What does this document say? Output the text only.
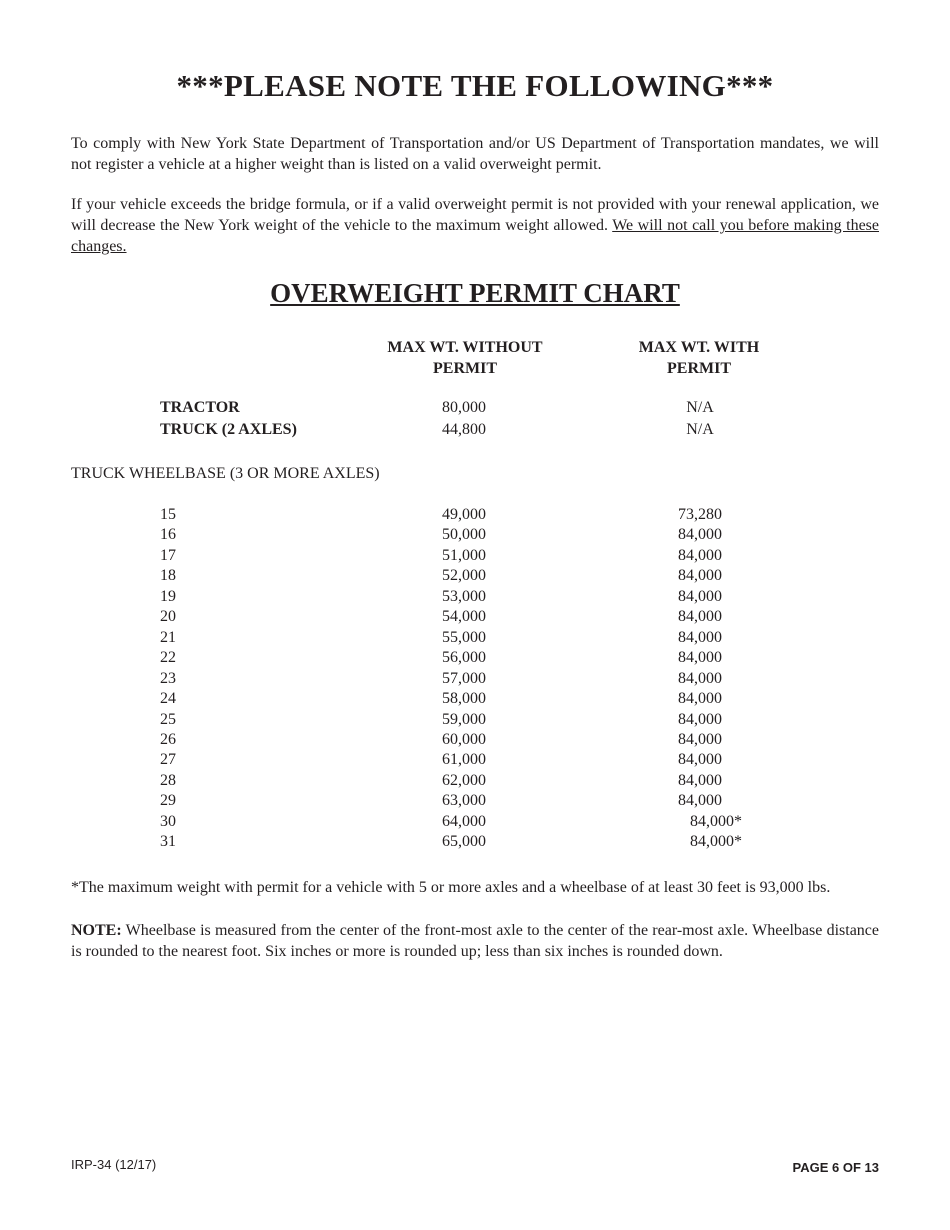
***PLEASE NOTE THE FOLLOWING***

To comply with New York State Department of Transportation and/or US Department of Transportation mandates, we will not register a vehicle at a higher weight than is listed on a valid overweight permit.

If your vehicle exceeds the bridge formula, or if a valid overweight permit is not provided with your renewal application, we will decrease the New York weight of the vehicle to the maximum weight allowed. We will not call you before making these changes.

OVERWEIGHT PERMIT CHART
MAX WT. WITHOUT
PERMIT
MAX WT. WITH
PERMIT
TRACTOR	80,000	N/A
TRUCK (2 AXLES)	44,800	N/A
TRUCK WHEELBASE (3 OR MORE AXLES)
15	49,000	73,280
16	50,000	84,000
17	51,000	84,000
18	52,000	84,000
19	53,000	84,000
20	54,000	84,000
21	55,000	84,000
22	56,000	84,000
23	57,000	84,000
24	58,000	84,000
25	59,000	84,000
26	60,000	84,000
27	61,000	84,000
28	62,000	84,000
29	63,000	84,000
30	64,000	84,000*
31	65,000	84,000*

*The maximum weight with permit for a vehicle with 5 or more axles and a wheelbase of at least 30 feet is 93,000 lbs.

NOTE: Wheelbase is measured from the center of the front-most axle to the center of the rear-most axle. Wheelbase distance is rounded to the nearest foot. Six inches or more is rounded up; less than six inches is rounded down.

IRP-34 (12/17)	PAGE 6 OF 13
